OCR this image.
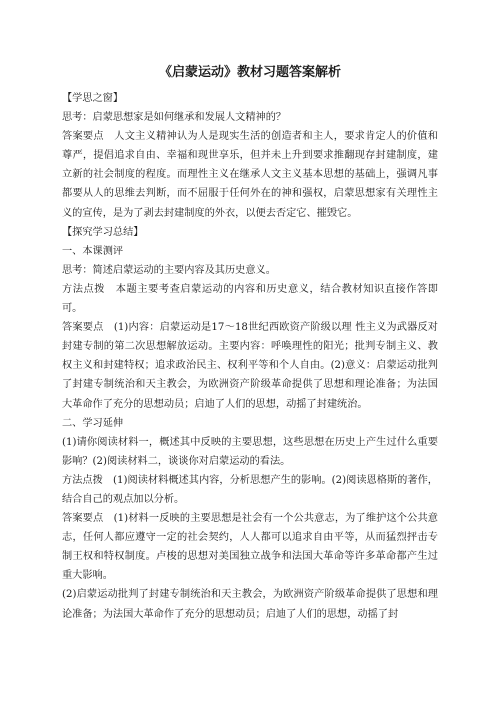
《启蒙运动》教材习题答案解析

【学思之窗】

思考：启蒙思想家是如何继承和发展人文精神的？

答案要点　人文主义精神认为人是现实生活的创造者和主人，要求肯定人的价值和尊严，提倡追求自由、幸福和现世享乐，但并未上升到要求推翻现存封建制度，建立新的社会制度的程度。而理性主义在继承人文主义基本思想的基础上，强调凡事都要从人的思维去判断，而不屈服于任何外在的神和强权，启蒙思想家有关理性主义的宣传，是为了剥去封建制度的外衣，以便去否定它、摧毁它。

【探究学习总结】

一、本课测评

思考：简述启蒙运动的主要内容及其历史意义。

方法点拨　本题主要考查启蒙运动的内容和历史意义，结合教材知识直接作答即可。

答案要点　(1)内容：启蒙运动是17～18世纪西欧资产阶级以理 性主义为武器反对封建专制的第二次思想解放运动。主要内容：呼唤理性的阳光；批判专制主义、教权主义和封建特权；追求政治民主、权利平等和个人自由。(2)意义：启蒙运动批判了封建专制统治和天主教会，为欧洲资产阶级革命提供了思想和理论准备；为法国大革命作了充分的思想动员；启迪了人们的思想，动摇了封建统治。

二、学习延伸

(1)请你阅读材料一，概述其中反映的主要思想，这些思想在历史上产生过什么重要影响？(2)阅读材料二，谈谈你对启蒙运动的看法。

方法点拨　(1)阅读材料概述其内容，分析思想产生的影响。(2)阅读恩格斯的著作，结合自己的观点加以分析。

答案要点　(1)材料一反映的主要思想是社会有一个公共意志，为了维护这个公共意志，任何人都应遵守一定的社会契约，人人都可以追求自由平等，从而猛烈抨击专制王权和特权制度。卢梭的思想对美国独立战争和法国大革命等许多革命都产生过重大影响。

(2)启蒙运动批判了封建专制统治和天主教会，为欧洲资产阶级革命提供了思想和理论准备；为法国大革命作了充分的思想动员；启迪了人们的思想，动摇了封
